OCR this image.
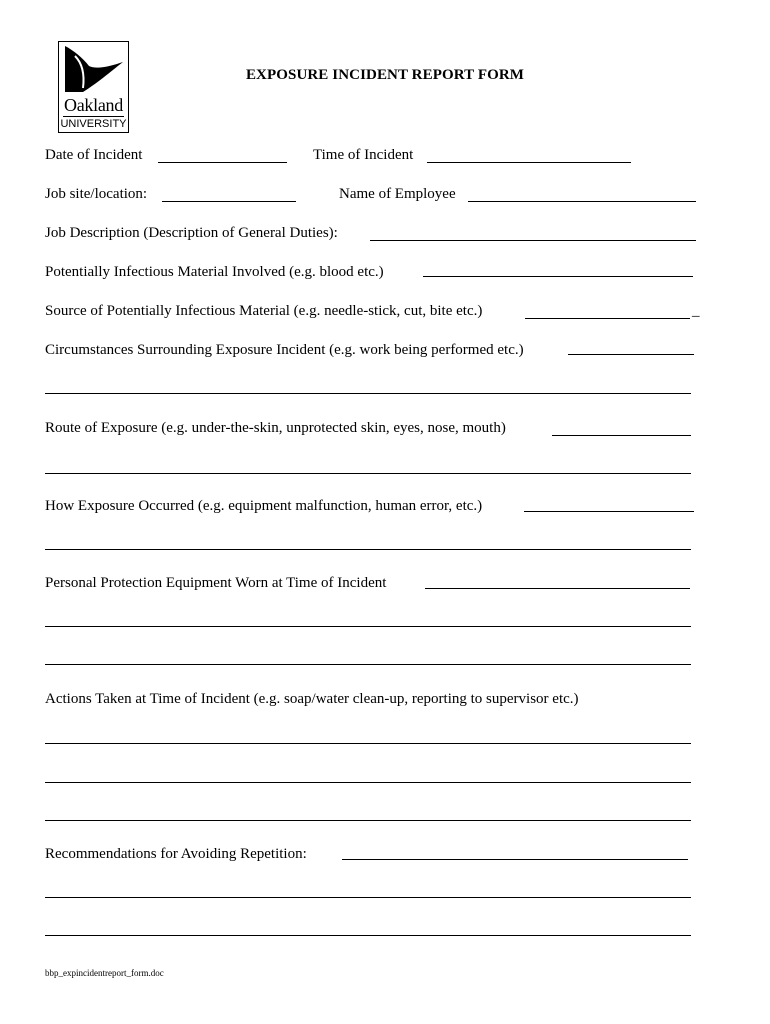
Oakland
UNIVERSITY
EXPOSURE INCIDENT REPORT FORM
Date of Incident	Time of Incident
Job site/location:	Name of Employee
Job Description (Description of General Duties):
Potentially Infectious Material Involved (e.g. blood etc.)
Source of Potentially Infectious Material (e.g. needle-stick, cut, bite etc.)	_
Circumstances Surrounding Exposure Incident (e.g. work being performed etc.)
Route of Exposure (e.g. under-the-skin, unprotected skin, eyes, nose, mouth)
How Exposure Occurred (e.g. equipment malfunction, human error, etc.)
Personal Protection Equipment Worn at Time of Incident
Actions Taken at Time of Incident (e.g. soap/water clean-up, reporting to supervisor etc.)
Recommendations for Avoiding Repetition:
bbp_expincidentreport_form.doc
